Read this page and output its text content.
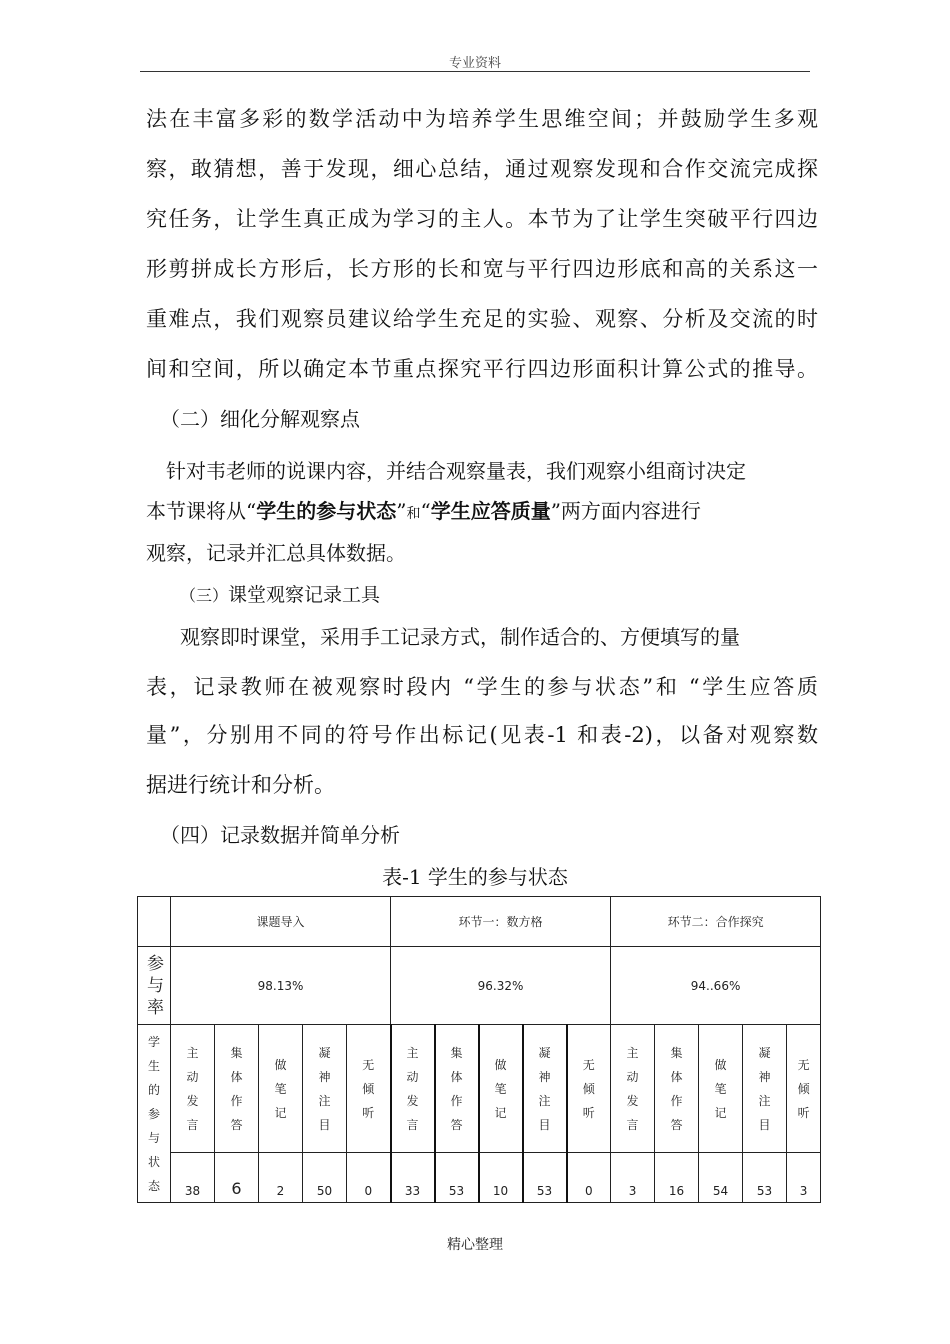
专业资料
法在丰富多彩的数学活动中为培养学生思维空间；并鼓励学生多观
察，敢猜想，善于发现，细心总结，通过观察发现和合作交流完成探
究任务，让学生真正成为学习的主人。本节为了让学生突破平行四边
形剪拼成长方形后，长方形的长和宽与平行四边形底和高的关系这一
重难点，我们观察员建议给学生充足的实验、观察、分析及交流的时
间和空间，所以确定本节重点探究平行四边形面积计算公式的推导。
（二）细化分解观察点
针对韦老师的说课内容，并结合观察量表，我们观察小组商讨决定
本节课将从“学生的参与状态”和“学生应答质量”两方面内容进行
观察，记录并汇总具体数据。
（三）课堂观察记录工具
观察即时课堂，采用手工记录方式，制作适合的、方便填写的量
表，记录教师在被观察时段内 “学生的参与状态”和 “学生应答质
量”，分别用不同的符号作出标记(见表-1 和表-2)，以备对观察数
据进行统计和分析。
（四）记录数据并简单分析
表-1 学生的参与状态
	课题导入					环节一：数方格					环节二：合作探究				
参与率	98.13%					96.32%					94..66%				
学生的参与状态	主动发言	集体作答	做笔记	凝神注目	无倾听	主动发言	集体作答	做笔记	凝神注目	无倾听	主动发言	集体作答	做笔记	凝神注目	无倾听
	38	6	2	50	0	33	53	10	53	0	3	16	54	53	3
精心整理
